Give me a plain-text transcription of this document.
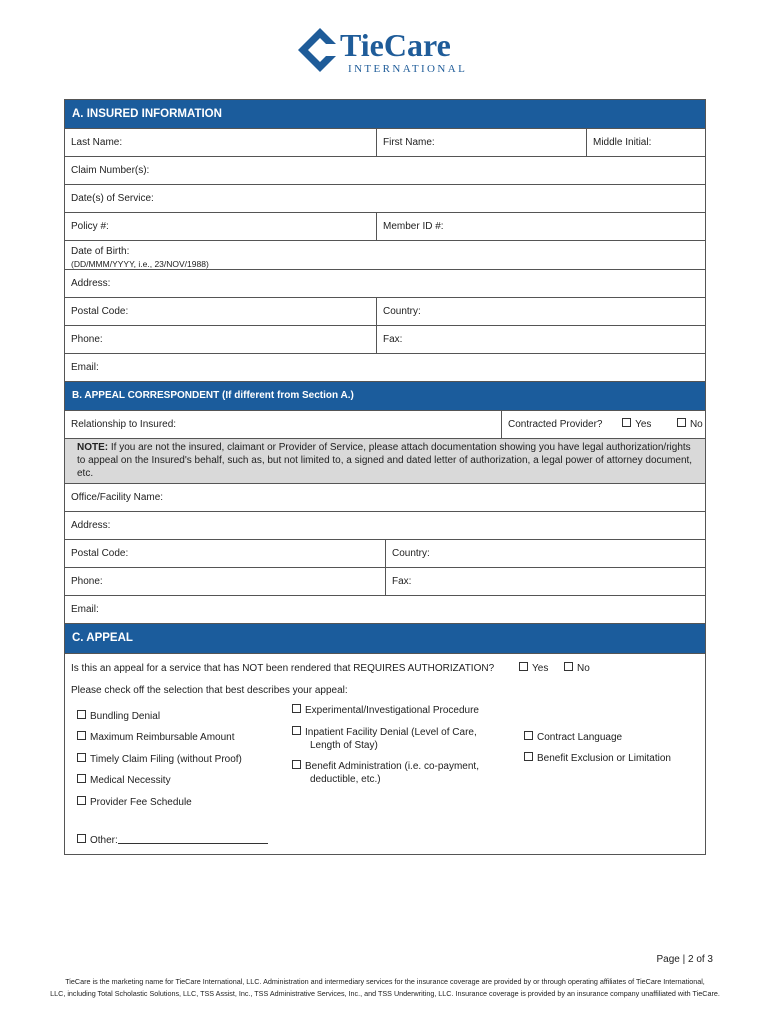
TieCare
INTERNATIONAL
A. INSURED INFORMATION
Last Name:	First Name:	Middle Initial:
Claim Number(s):
Date(s) of Service:
Policy #:	Member ID #:
Date of Birth:
(DD/MMM/YYYY, i.e., 23/NOV/1988)
Address:
Postal Code:	Country:
Phone:	Fax:
Email:
B. APPEAL CORRESPONDENT (If different from Section A.)
Relationship to Insured:	Contracted Provider?	Yes	No
NOTE: If you are not the insured, claimant or Provider of Service, please attach documentation showing you have legal authorization/rights to appeal on the Insured's behalf, such as, but not limited to, a signed and dated letter of authorization, a legal power of attorney document, etc.
Office/Facility Name:
Address:
Postal Code:	Country:
Phone:	Fax:
Email:
C. APPEAL
Is this an appeal for a service that has NOT been rendered that REQUIRES AUTHORIZATION?	Yes	No
Please check off the selection that best describes your appeal:
Bundling Denial
Maximum Reimbursable Amount
Timely Claim Filing (without Proof)
Medical Necessity
Provider Fee Schedule
Other:
Experimental/Investigational Procedure
Inpatient Facility Denial (Level of Care,
Length of Stay)
Benefit Administration (i.e. co-payment,
deductible, etc.)
Contract Language
Benefit Exclusion or Limitation
Page | 2 of 3
TieCare is the marketing name for TieCare International, LLC. Administration and intermediary services for the insurance coverage are provided by or through operating affiliates of TieCare International,
LLC, including Total Scholastic Solutions, LLC, TSS Assist, Inc., TSS Administrative Services, Inc., and TSS Underwriting, LLC. Insurance coverage is provided by an insurance company unaffiliated with TieCare.
